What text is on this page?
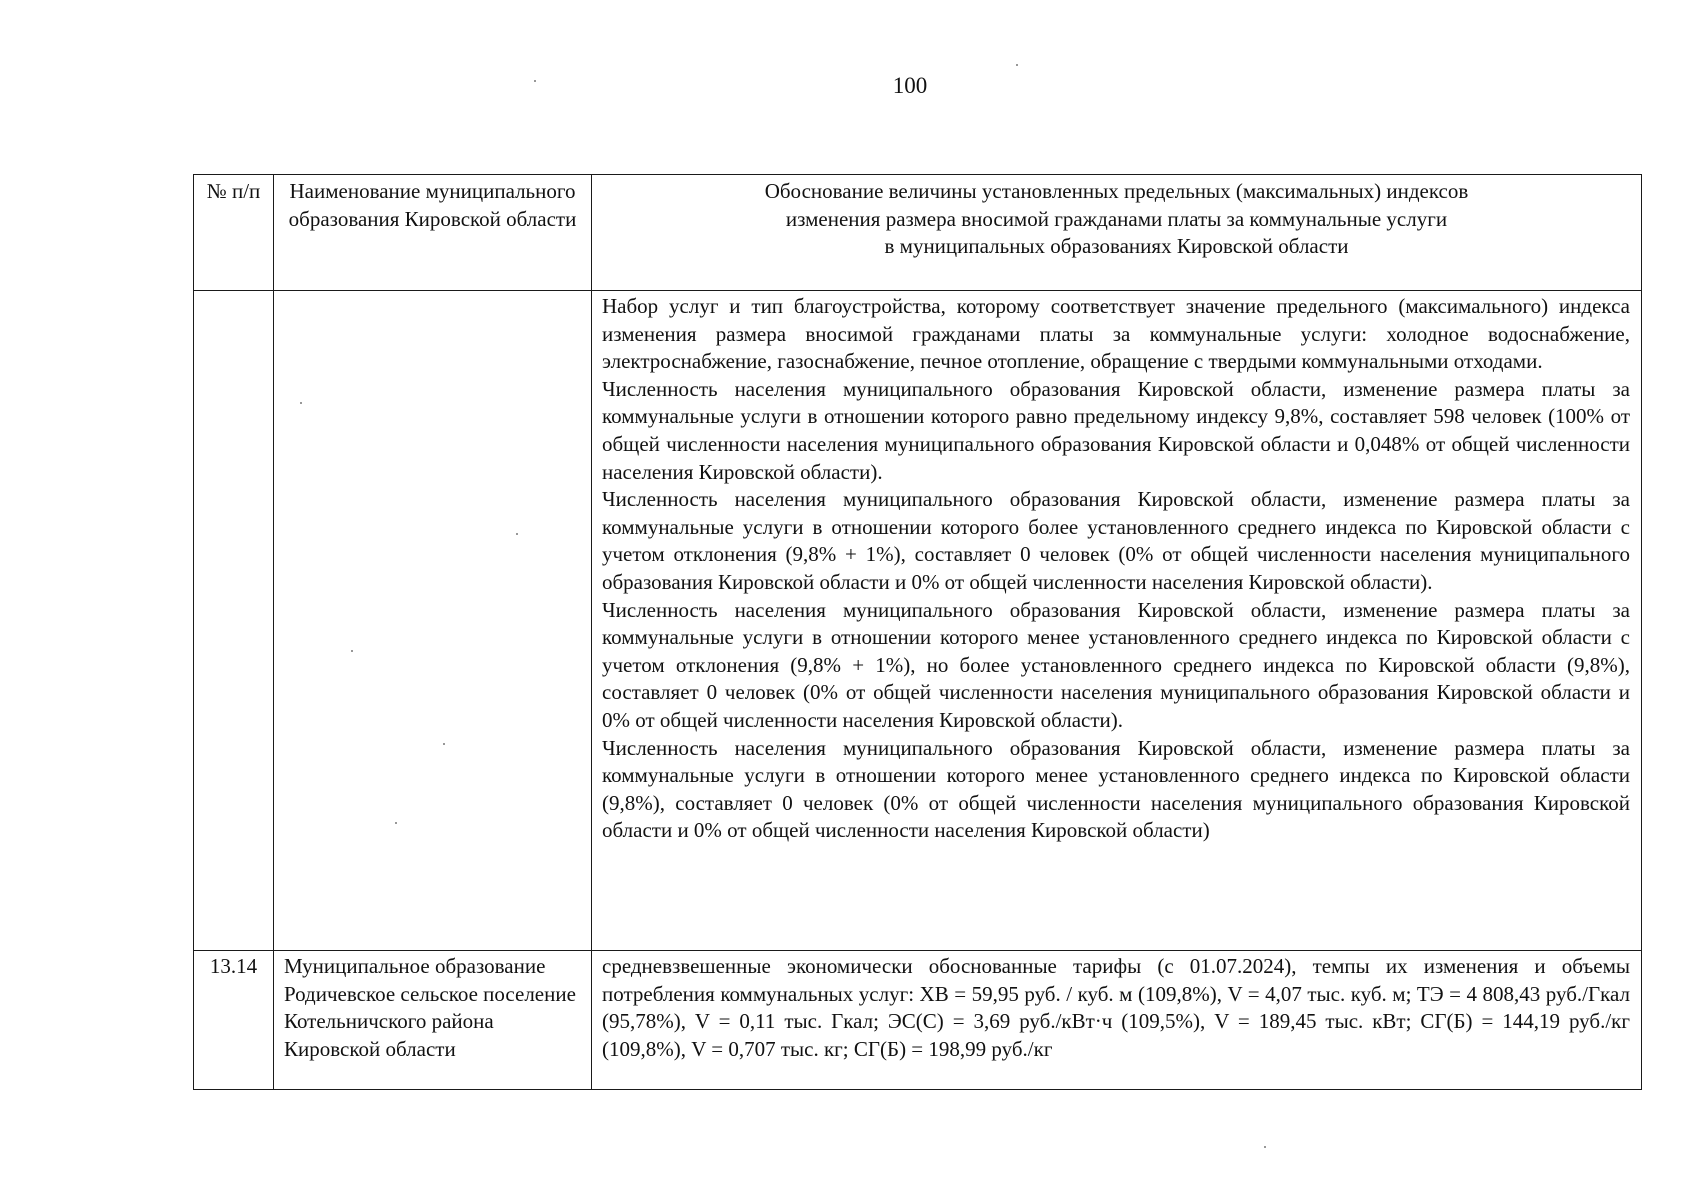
100
№ п/п	Наименование муниципального образования Кировской области	Обоснование величины установленных предельных (максимальных) индексов
изменения размера вносимой гражданами платы за коммунальные услуги
в муниципальных образованиях Кировской области

		Набор услуг и тип благоустройства, которому соответствует значение предельного (максимального) индекса изменения размера вносимой гражданами платы за коммунальные услуги: холодное водоснабжение, электроснабжение, газоснабжение, печное отопление, обращение с твердыми коммунальными отходами.

Численность населения муниципального образования Кировской области, изменение размера платы за коммунальные услуги в отношении которого равно предельному индексу 9,8%, составляет 598 человек (100% от общей численности населения муниципального образования Кировской области и 0,048% от общей численности населения Кировской области).

Численность населения муниципального образования Кировской области, изменение размера платы за коммунальные услуги в отношении которого более установленного среднего индекса по Кировской области с учетом отклонения (9,8% + 1%), составляет 0 человек (0% от общей численности населения муниципального образования Кировской области и 0% от общей численности населения Кировской области).

Численность населения муниципального образования Кировской области, изменение размера платы за коммунальные услуги в отношении которого менее установленного среднего индекса по Кировской области с учетом отклонения (9,8% + 1%), но более установленного среднего индекса по Кировской области (9,8%), составляет 0 человек (0% от общей численности населения муниципального образования Кировской области и 0% от общей численности населения Кировской области).

Численность населения муниципального образования Кировской области, изменение размера платы за коммунальные услуги в отношении которого менее установленного среднего индекса по Кировской области (9,8%), составляет 0 человек (0% от общей численности населения муниципального образования Кировской области и 0% от общей численности населения Кировской области)

13.14	Муниципальное образование Родичевское сельское поселение Котельничского района Кировской области	средневзвешенные экономически обоснованные тарифы (с 01.07.2024), темпы их изменения и объемы потребления коммунальных услуг: ХВ = 59,95 руб. / куб. м (109,8%), V = 4,07 тыс. куб. м; ТЭ = 4 808,43 руб./Гкал (95,78%), V = 0,11 тыс. Гкал; ЭС(С) = 3,69 руб./кВт·ч (109,5%), V = 189,45 тыс. кВт; СГ(Б) = 144,19 руб./кг (109,8%), V = 0,707 тыс. кг; СГ(Б) = 198,99 руб./кг
